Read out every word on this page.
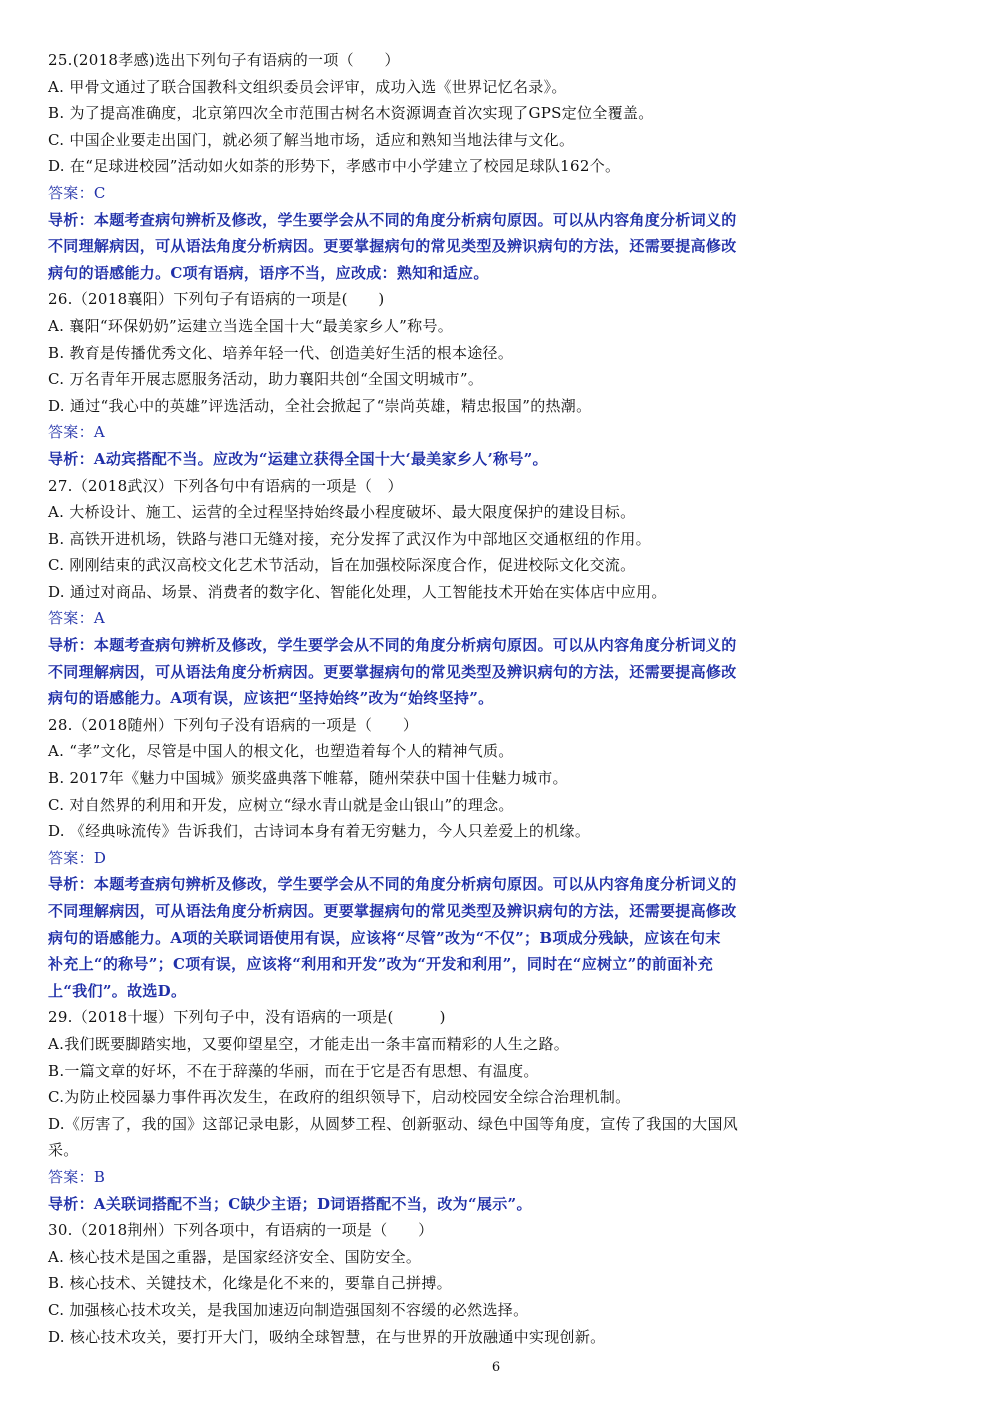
25.(2018孝感)选出下列句子有语病的一项（　　）
A. 甲骨文通过了联合国教科文组织委员会评审，成功入选《世界记忆名录》。
B. 为了提高准确度，北京第四次全市范围古树名木资源调查首次实现了GPS定位全覆盖。
C. 中国企业要走出国门，就必须了解当地市场，适应和熟知当地法律与文化。
D. 在“足球进校园”活动如火如荼的形势下，孝感市中小学建立了校园足球队162个。
答案：C
导析：本题考查病句辨析及修改，学生要学会从不同的角度分析病句原因。可以从内容角度分析词义的
不同理解病因，可从语法角度分析病因。更要掌握病句的常见类型及辨识病句的方法，还需要提高修改
病句的语感能力。C项有语病，语序不当，应改成：熟知和适应。
26.（2018襄阳）下列句子有语病的一项是(　　)
A. 襄阳“环保奶奶”运建立当选全国十大“最美家乡人”称号。
B. 教育是传播优秀文化、培养年轻一代、创造美好生活的根本途径。
C. 万名青年开展志愿服务活动，助力襄阳共创“全国文明城市”。
D. 通过“我心中的英雄”评选活动，全社会掀起了“崇尚英雄，精忠报国”的热潮。
答案：A
导析：A动宾搭配不当。应改为“运建立获得全国十大‘最美家乡人’称号”。
27.（2018武汉）下列各句中有语病的一项是（　）
A. 大桥设计、施工、运营的全过程坚持始终最小程度破坏、最大限度保护的建设目标。
B. 高铁开进机场，铁路与港口无缝对接，充分发挥了武汉作为中部地区交通枢纽的作用。
C. 刚刚结束的武汉高校文化艺术节活动，旨在加强校际深度合作，促进校际文化交流。
D. 通过对商品、场景、消费者的数字化、智能化处理，人工智能技术开始在实体店中应用。
答案：A
导析：本题考查病句辨析及修改，学生要学会从不同的角度分析病句原因。可以从内容角度分析词义的
不同理解病因，可从语法角度分析病因。更要掌握病句的常见类型及辨识病句的方法，还需要提高修改
病句的语感能力。A项有误，应该把“坚持始终”改为“始终坚持”。
28.（2018随州）下列句子没有语病的一项是（　　）
A. “孝”文化，尽管是中国人的根文化，也塑造着每个人的精神气质。
B. 2017年《魅力中国城》颁奖盛典落下帷幕，随州荣获中国十佳魅力城市。
C. 对自然界的利用和开发，应树立“绿水青山就是金山银山”的理念。
D. 《经典咏流传》告诉我们，古诗词本身有着无穷魅力，今人只差爱上的机缘。
答案：D
导析：本题考查病句辨析及修改，学生要学会从不同的角度分析病句原因。可以从内容角度分析词义的
不同理解病因，可从语法角度分析病因。更要掌握病句的常见类型及辨识病句的方法，还需要提高修改
病句的语感能力。A项的关联词语使用有误，应该将“尽管”改为“不仅”；B项成分残缺，应该在句末
补充上“的称号”；C项有误，应该将“利用和开发”改为“开发和利用”，同时在“应树立”的前面补充
上“我们”。故选D。
29.（2018十堰）下列句子中，没有语病的一项是(　　　)
A.我们既要脚踏实地，又要仰望星空，才能走出一条丰富而精彩的人生之路。
B.一篇文章的好坏，不在于辞藻的华丽，而在于它是否有思想、有温度。
C.为防止校园暴力事件再次发生，在政府的组织领导下，启动校园安全综合治理机制。
D.《厉害了，我的国》这部记录电影，从圆梦工程、创新驱动、绿色中国等角度，宣传了我国的大国风
采。
答案：B
导析：A关联词搭配不当；C缺少主语；D词语搭配不当，改为“展示”。
30.（2018荆州）下列各项中，有语病的一项是（　　）
A. 核心技术是国之重器，是国家经济安全、国防安全。
B. 核心技术、关键技术，化缘是化不来的，要靠自己拼搏。
C. 加强核心技术攻关，是我国加速迈向制造强国刻不容缓的必然选择。
D. 核心技术攻关，要打开大门，吸纳全球智慧，在与世界的开放融通中实现创新。
6
